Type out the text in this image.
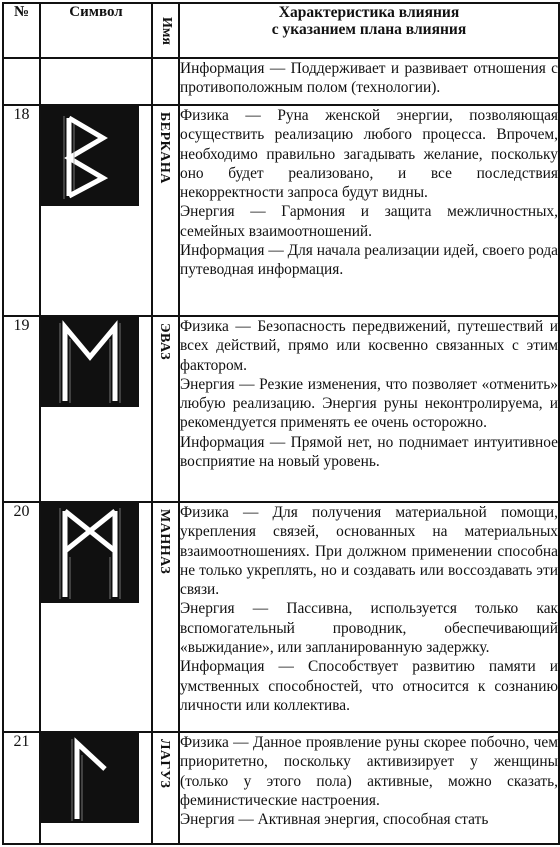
№	Символ	Имя	Характеристика влияния
с указанием плана влияния

			Информация — Поддерживает и развивает отношения с противоположным полом (технологии).

18		БЕРКАНА	Физика — Руна женской энергии, позволяющая осуществить реализацию любого процесса. Впрочем, необходимо правильно загадывать желание, поскольку оно будет реализовано, и все последствия некорректности запроса будут видны.

Энергия — Гармония и защита межличностных, семейных взаимоотношений.

Информация — Для начала реализации идей, своего рода путеводная информация.

19		ЭВАЗ	Физика — Безопасность передвижений, путешествий и всех действий, прямо или косвенно связанных с этим фактором.

Энергия — Резкие изменения, что позволяет «отменить» любую реализацию. Энергия руны неконтролируема, и рекомендуется применять ее очень осторожно.

Информация — Прямой нет, но поднимает интуитивное восприятие на новый уровень.

20		МАННАЗ	Физика — Для получения материальной помощи, укрепления связей, основанных на материальных взаимоотношениях. При должном применении способна не только укреплять, но и создавать или воссоздавать эти связи.

Энергия — Пассивна, используется только как вспомогательный проводник, обеспечивающий «выжидание», или запланированную задержку.

Информация — Способствует развитию памяти и умственных способностей, что относится к сознанию личности или коллектива.

21		ЛАГУЗ	Физика — Данное проявление руны скорее побочно, чем приоритетно, поскольку активизирует у женщины (только у этого пола) активные, можно сказать, феминистические настроения.

Энергия — Активная энергия, способная стать
